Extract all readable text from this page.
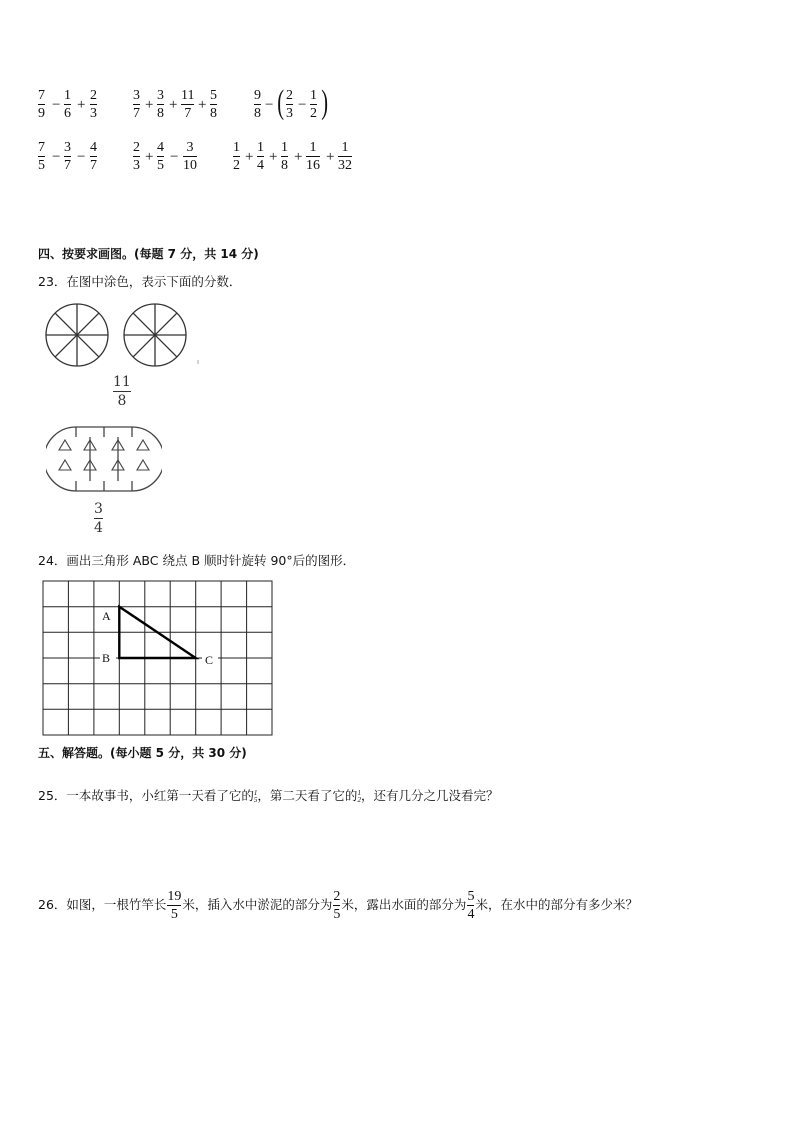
7
9
−
1
6
+
2
3
3
7
+
3
8
+
11
7
+
5
8
9
8
− ( 2
3
−
1
2 )
7
5
−
3
7
−
4
7
2
3
+
4
5
−
3
10
1
2
+
1
4
+
1
8
+
1
16
+
1
32
四、按要求画图。(每题 7 分，共 14 分)
23．在图中涂色，表示下面的分数．
11
8
3
4
24．画出三角形 ABC 绕点 B 顺时针旋转 90°后的图形．
A
B	C
五、解答题。(每小题 5 分，共 30 分)
25．一本故事书，小红第一天看了它的 1
5 ，第二天看了它的 1
2 ，还有几分之几没看完？
26．如图，一根竹竿长 $\frac{19}{5}$ 米，插入水中淤泥的部分为 $\frac{2}{5}$ 米，露出水面的部分为 $\frac{5}{4}$ 米，在水中的部分有多少米？
